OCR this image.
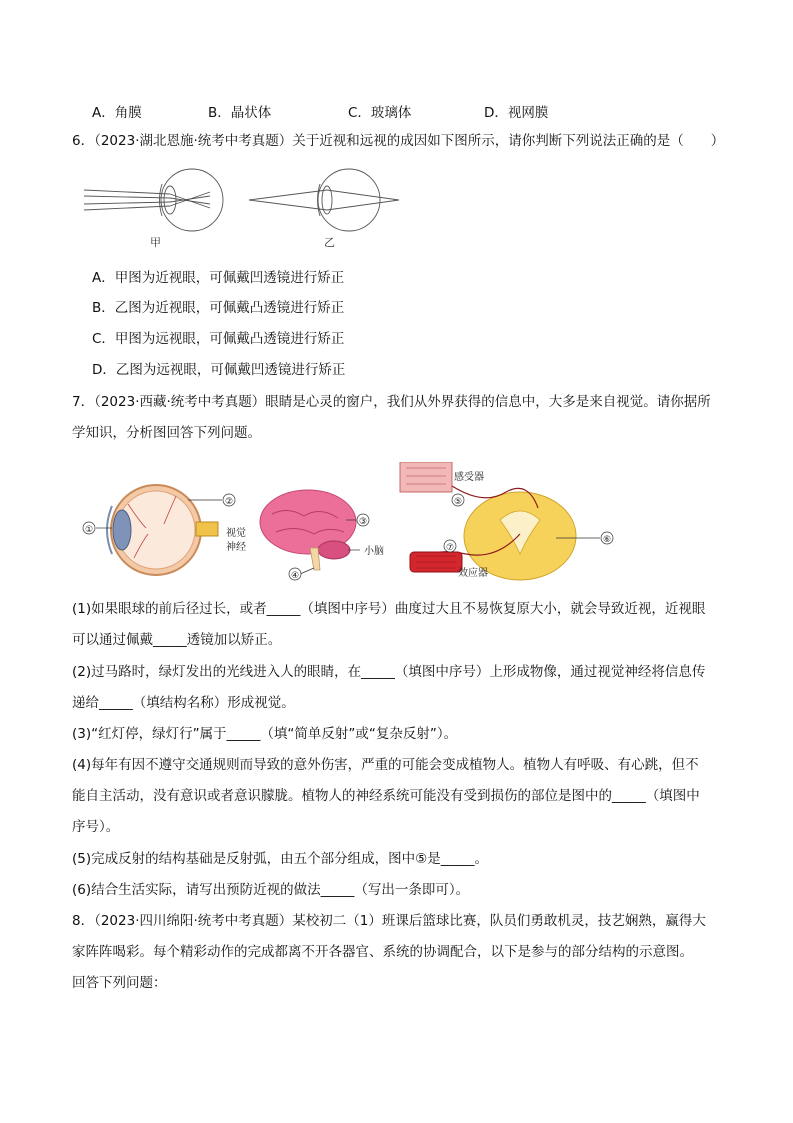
A．角膜	B．晶状体	C．玻璃体	D．视网膜
6．（2023·湖北恩施·统考中考真题）关于近视和远视的成因如下图所示，请你判断下列说法正确的是（　　）
甲	乙
A．甲图为近视眼，可佩戴凹透镜进行矫正
B．乙图为近视眼，可佩戴凸透镜进行矫正
C．甲图为远视眼，可佩戴凸透镜进行矫正
D．乙图为远视眼，可佩戴凹透镜进行矫正
7．（2023·西藏·统考中考真题）眼睛是心灵的窗户，我们从外界获得的信息中，大多是来自视觉。请你据所
学知识，分析图回答下列问题。
①
②
视觉
神经
③
小脑
④
感受器
⑤
⑦
效应器
⑥
(1)如果眼球的前后径过长，或者_____（填图中序号）曲度过大且不易恢复原大小，就会导致近视，近视眼
可以通过佩戴_____透镜加以矫正。
(2)过马路时，绿灯发出的光线进入人的眼睛，在_____（填图中序号）上形成物像，通过视觉神经将信息传
递给_____（填结构名称）形成视觉。
(3)“红灯停，绿灯行”属于_____（填“简单反射”或“复杂反射”）。
(4)每年有因不遵守交通规则而导致的意外伤害，严重的可能会变成植物人。植物人有呼吸、有心跳，但不
能自主活动，没有意识或者意识朦胧。植物人的神经系统可能没有受到损伤的部位是图中的_____（填图中
序号）。
(5)完成反射的结构基础是反射弧，由五个部分组成，图中⑤是_____。
(6)结合生活实际，请写出预防近视的做法_____（写出一条即可）。
8．（2023·四川绵阳·统考中考真题）某校初二（1）班课后篮球比赛，队员们勇敢机灵，技艺娴熟，赢得大
家阵阵喝彩。每个精彩动作的完成都离不开各器官、系统的协调配合，以下是参与的部分结构的示意图。
回答下列问题：
